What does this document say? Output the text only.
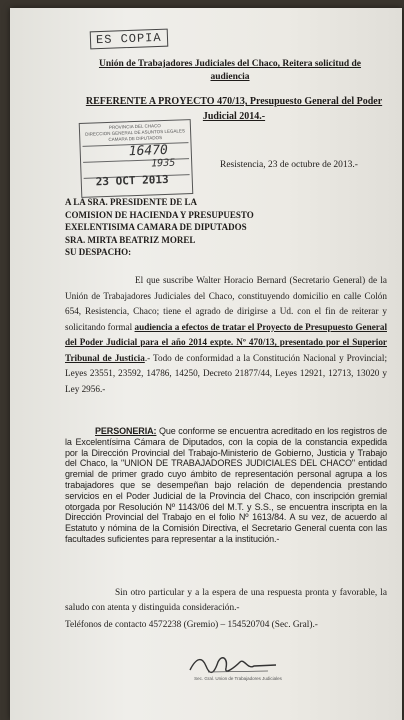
ES COPIA
Unión de Trabajadores Judiciales del Chaco, Reitera solicitud de audiencia
REFERENTE A PROYECTO 470/13, Presupuesto General del Poder Judicial 2014.-
PROVINCIA DEL CHACO
DIRECCION GENERAL DE ASUNTOS LEGALES
CAMARA DE DIPUTADOS
16470
1935
23 OCT 2013
Resistencia, 23 de octubre de 2013.-
A LA SRA. PRESIDENTE DE LA
COMISION DE HACIENDA Y PRESUPUESTO
EXELENTISIMA CAMARA DE DIPUTADOS
SRA. MIRTA BEATRIZ MOREL
SU DESPACHO:
El que suscribe Walter Horacio Bernard (Secretario General) de la Unión de Trabajadores Judiciales del Chaco, constituyendo domicilio en calle Colón 654, Resistencia, Chaco; tiene el agrado de dirigirse a Ud. con el fin de reiterar y solicitando formal audiencia a efectos de tratar el Proyecto de Presupuesto General del Poder Judicial para el año 2014 expte. Nº 470/13, presentado por el Superior Tribunal de Justicia.- Todo de conformidad a la Constitución Nacional y Provincial; Leyes 23551, 23592, 14786, 14250, Decreto 21877/44, Leyes 12921, 12713, 13020 y Ley 2956.-
PERSONERIA: Que conforme se encuentra acreditado en los registros de la Excelentísima Cámara de Diputados, con la copia de la constancia expedida por la Dirección Provincial del Trabajo-Ministerio de Gobierno, Justicia y Trabajo del Chaco, la "UNION DE TRABAJADORES JUDICIALES DEL CHACO" entidad gremial de primer grado cuyo ámbito de representación personal agrupa a los trabajadores que se desempeñan bajo relación de dependencia prestando servicios en el Poder Judicial de la Provincia del Chaco, con inscripción gremial otorgada por Resolución Nº 1143/06 del M.T. y S.S., se encuentra inscripta en la Dirección Provincial del Trabajo en el folio Nº 1613/84. A su vez, de acuerdo al Estatuto y nómina de la Comisión Directiva, el Secretario General cuenta con las facultades suficientes para representar a la institución.-
Sin otro particular y a la espera de una respuesta pronta y favorable, la saludo con atenta y distinguida consideración.-
Teléfonos de contacto 4572238 (Gremio) – 154520704 (Sec. Gral).-
Sec. Gral. Union de Trabajadores Judiciales
